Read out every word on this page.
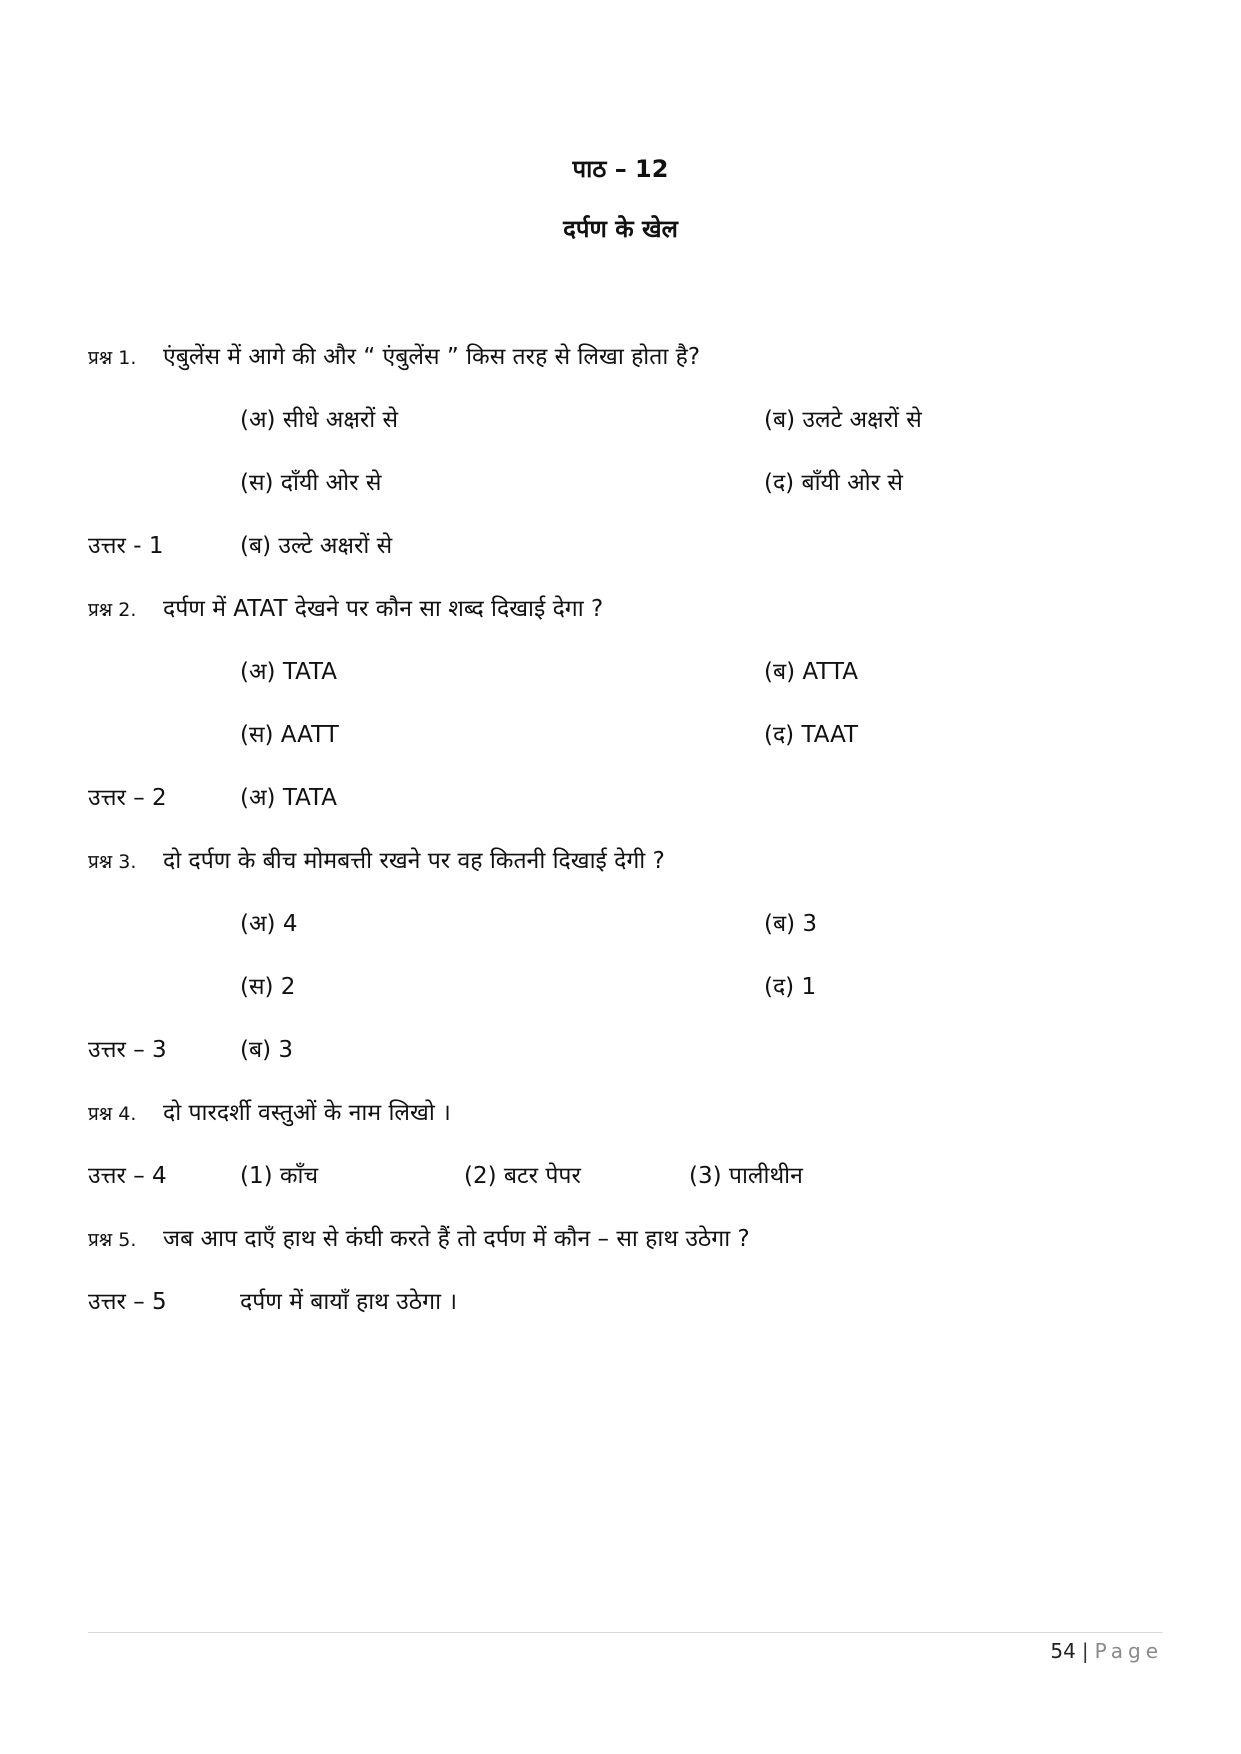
पाठ – 12
दर्पण के खेल
प्रश्न 1. एंबुलेंस में आगे की और “ एंबुलेंस ” किस तरह से लिखा होता है?
(अ) सीधे अक्षरों से	(ब) उलटे अक्षरों से
(स) दाँयी ओर से	(द) बाँयी ओर से
उत्तर - 1	(ब) उल्टे अक्षरों से
प्रश्न 2. दर्पण में ATAT देखने पर कौन सा शब्द दिखाई देगा ?
(अ) TATA	(ब) ATTA
(स) AATT	(द) TAAT
उत्तर – 2	(अ) TATA
प्रश्न 3. दो दर्पण के बीच मोमबत्ती रखने पर वह कितनी दिखाई देगी ?
(अ) 4	(ब) 3
(स) 2	(द) 1
उत्तर – 3	(ब) 3
प्रश्न 4. दो पारदर्शी वस्तुओं के नाम लिखो ।
उत्तर – 4	(1) काँच	(2) बटर पेपर	(3) पालीथीन
प्रश्न 5. जब आप दाएँ हाथ से कंघी करते हैं तो दर्पण में कौन – सा हाथ उठेगा ?
उत्तर – 5	दर्पण में बायाँ हाथ उठेगा ।
54 | Page
